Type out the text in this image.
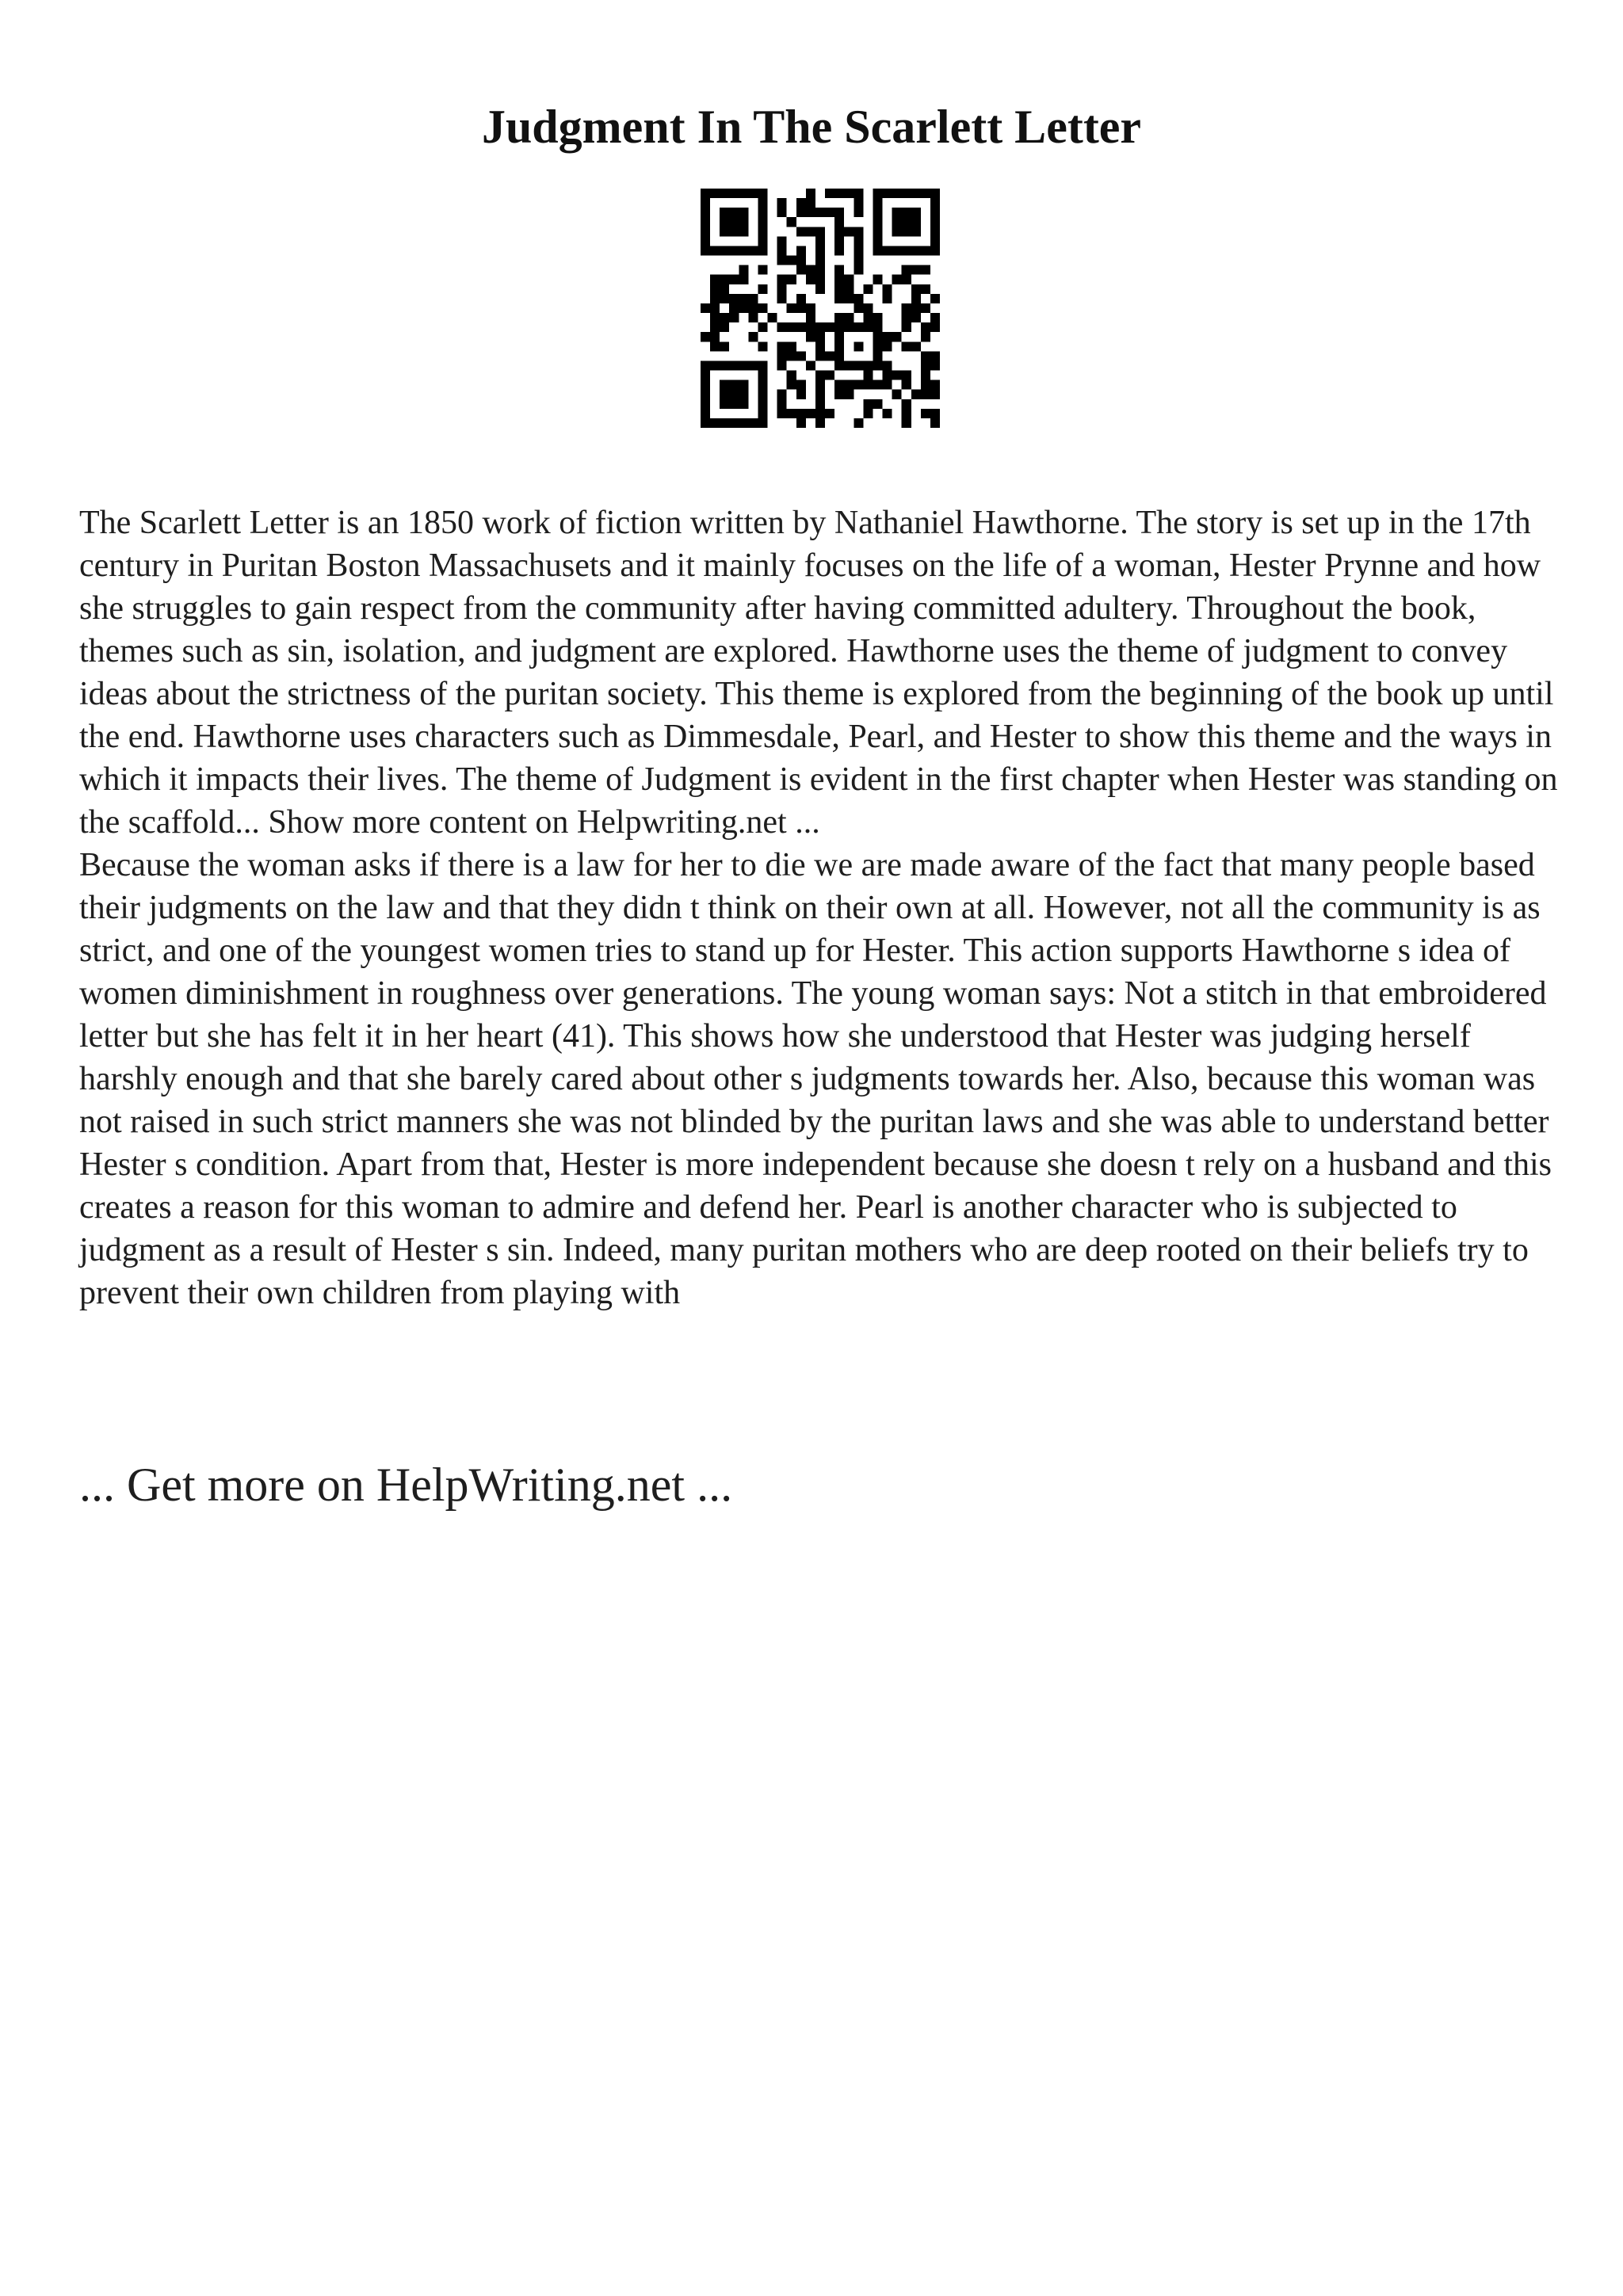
Judgment In The Scarlett Letter

The Scarlett Letter is an 1850 work of fiction written by Nathaniel Hawthorne. The story is set up in the 17th century in Puritan Boston Massachusets and it mainly focuses on the life of a woman, Hester Prynne and how she struggles to gain respect from the community after having committed adultery. Throughout the book, themes such as sin, isolation, and judgment are explored. Hawthorne uses the theme of judgment to convey ideas about the strictness of the puritan society. This theme is explored from the beginning of the book up until the end. Hawthorne uses characters such as Dimmesdale, Pearl, and Hester to show this theme and the ways in which it impacts their lives. The theme of Judgment is evident in the first chapter when Hester was standing on the scaffold... Show more content on Helpwriting.net ...

Because the woman asks if there is a law for her to die we are made aware of the fact that many people based their judgments on the law and that they didn t think on their own at all. However, not all the community is as strict, and one of the youngest women tries to stand up for Hester. This action supports Hawthorne s idea of women diminishment in roughness over generations. The young woman says: Not a stitch in that embroidered letter but she has felt it in her heart (41). This shows how she understood that Hester was judging herself harshly enough and that she barely cared about other s judgments towards her. Also, because this woman was not raised in such strict manners she was not blinded by the puritan laws and she was able to understand better Hester s condition. Apart from that, Hester is more independent because she doesn t rely on a husband and this creates a reason for this woman to admire and defend her. Pearl is another character who is subjected to judgment as a result of Hester s sin. Indeed, many puritan mothers who are deep rooted on their beliefs try to prevent their own children from playing with

... Get more on HelpWriting.net ...
